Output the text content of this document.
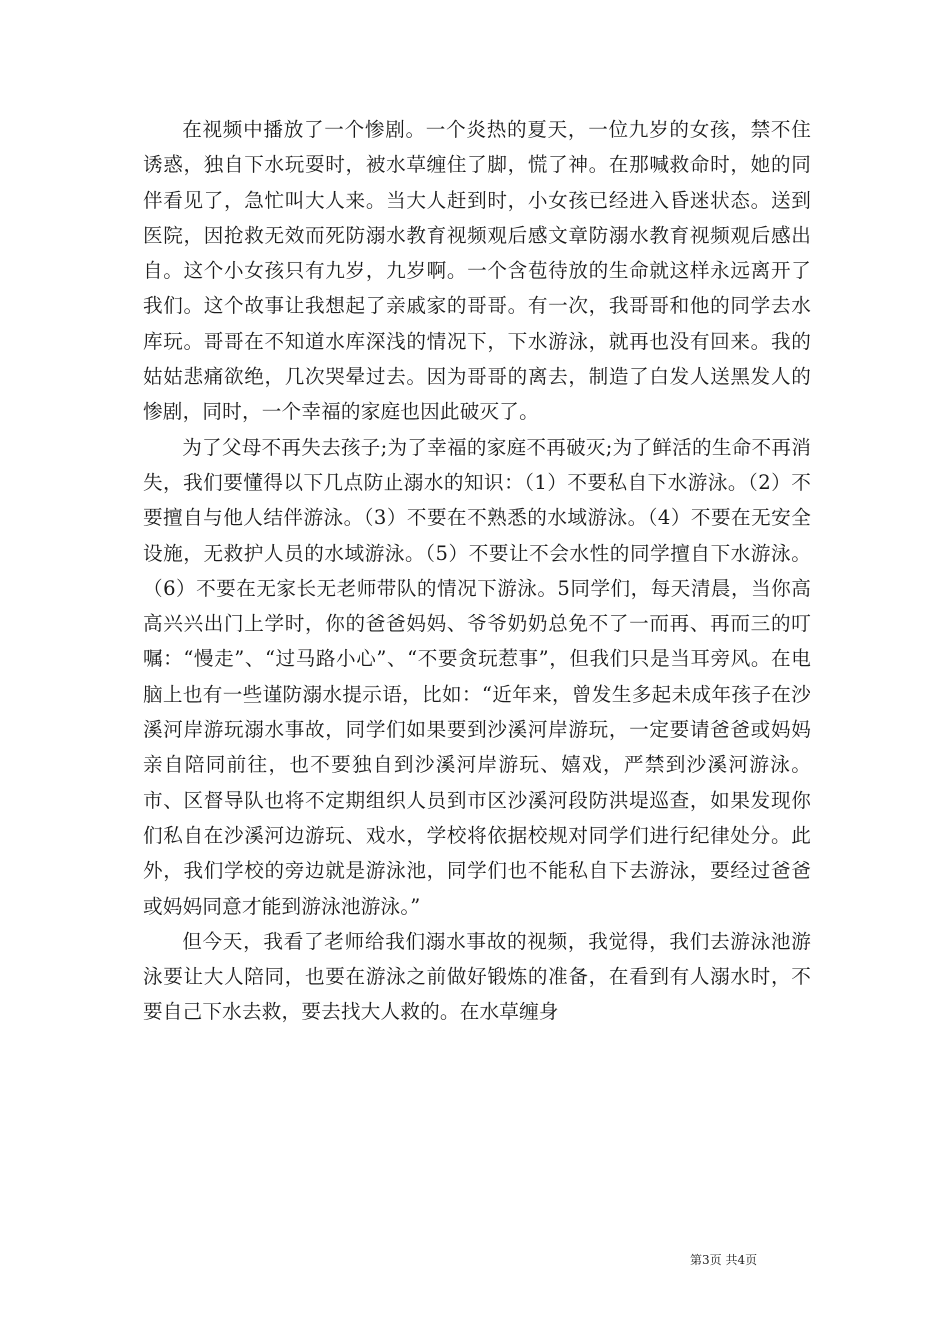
在视频中播放了一个惨剧。一个炎热的夏天，一位九岁的女孩，禁不住诱惑，独自下水玩耍时，被水草缠住了脚，慌了神。在那喊救命时，她的同伴看见了，急忙叫大人来。当大人赶到时，小女孩已经进入昏迷状态。送到医院，因抢救无效而死防溺水教育视频观后感文章防溺水教育视频观后感出自。这个小女孩只有九岁，九岁啊。一个含苞待放的生命就这样永远离开了我们。这个故事让我想起了亲戚家的哥哥。有一次，我哥哥和他的同学去水库玩。哥哥在不知道水库深浅的情况下，下水游泳，就再也没有回来。我的姑姑悲痛欲绝，几次哭晕过去。因为哥哥的离去，制造了白发人送黑发人的惨剧，同时，一个幸福的家庭也因此破灭了。

为了父母不再失去孩子;为了幸福的家庭不再破灭;为了鲜活的生命不再消失，我们要懂得以下几点防止溺水的知识：（1）不要私自下水游泳。（2）不要擅自与他人结伴游泳。（3）不要在不熟悉的水域游泳。（4）不要在无安全设施，无救护人员的水域游泳。（5）不要让不会水性的同学擅自下水游泳。（6）不要在无家长无老师带队的情况下游泳。5同学们，每天清晨，当你高高兴兴出门上学时，你的爸爸妈妈、爷爷奶奶总免不了一而再、再而三的叮嘱：“慢走”、“过马路小心”、“不要贪玩惹事”，但我们只是当耳旁风。在电脑上也有一些谨防溺水提示语，比如：“近年来，曾发生多起未成年孩子在沙溪河岸游玩溺水事故，同学们如果要到沙溪河岸游玩，一定要请爸爸或妈妈亲自陪同前往，也不要独自到沙溪河岸游玩、嬉戏，严禁到沙溪河游泳。市、区督导队也将不定期组织人员到市区沙溪河段防洪堤巡查，如果发现你们私自在沙溪河边游玩、戏水，学校将依据校规对同学们进行纪律处分。此外，我们学校的旁边就是游泳池，同学们也不能私自下去游泳，要经过爸爸或妈妈同意才能到游泳池游泳。”

但今天，我看了老师给我们溺水事故的视频，我觉得，我们去游泳池游泳要让大人陪同，也要在游泳之前做好锻炼的准备，在看到有人溺水时，不要自己下水去救，要去找大人救的。在水草缠身

第3页 共4页
